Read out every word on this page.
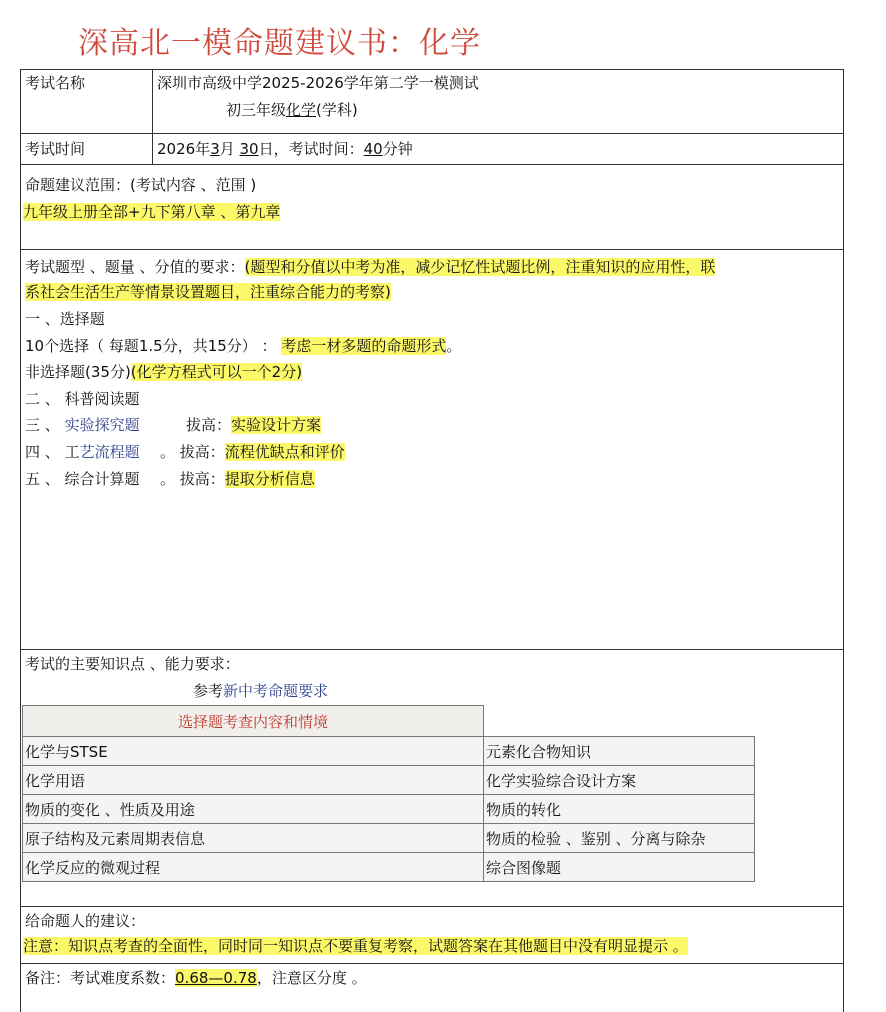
深高北一模命题建议书：化学
考试名称	深圳市高级中学2025-2026学年第二学一模测试
初三年级化学(学科)
考试时间	2026年3月 30日，考试时间：40分钟
命题建议范围：(考试内容 、范围 )
九年级上册全部+九下第八章 、第九章
考试题型 、题量 、分值的要求：(题型和分值以中考为准，减少记忆性试题比例，注重知识的应用性，联
系社会生活生产等情景设置题目，注重综合能力的考察)
一 、选择题
10个选择（ 每题1.5分，共15分） ： 考虑一材多题的命题形式。
非选择题(35分)(化学方程式可以一个2分)
二 、 科普阅读题
三 、 实验探究题	拔高：实验设计方案
四 、 工艺流程题 。 拔高：流程优缺点和评价
五 、 综合计算题 。 拔高：提取分析信息
考试的主要知识点 、能力要求：
参考新中考命题要求
选择题考查内容和情境	
化学与STSE	元素化合物知识
化学用语	化学实验综合设计方案
物质的变化 、性质及用途	物质的转化
原子结构及元素周期表信息	物质的检验 、鉴别 、分离与除杂
化学反应的微观过程	综合图像题
给命题人的建议：
注意：知识点考查的全面性，同时同一知识点不要重复考察，试题答案在其他题目中没有明显提示 。
备注：考试难度系数：0.68—0.78，注意区分度 。
